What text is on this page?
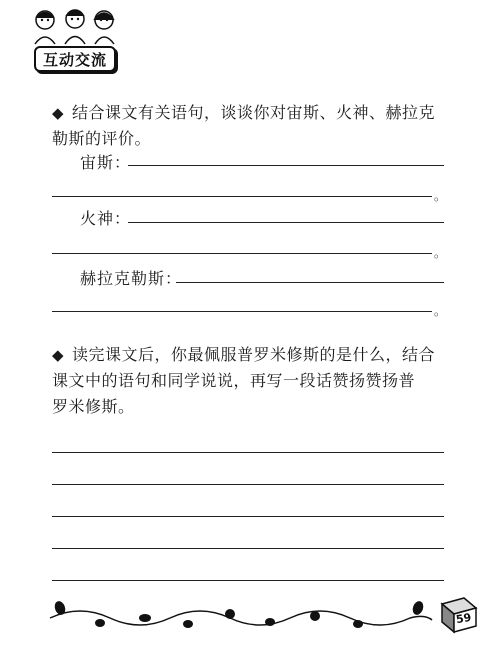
互动交流
◆ 结合课文有关语句，谈谈你对宙斯、火神、赫拉克
勒斯的评价。
宙斯：
。
火神：
。
赫拉克勒斯：
。
◆ 读完课文后，你最佩服普罗米修斯的是什么，结合
课文中的语句和同学说说，再写一段话赞扬赞扬普
罗米修斯。
59
